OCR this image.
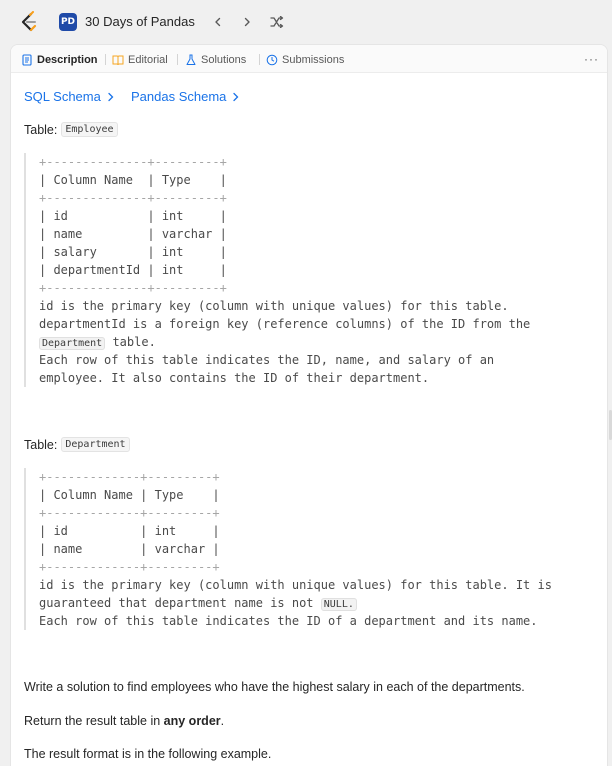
PD 30 Days of Pandas
Description	Editorial	Solutions	Submissions	···
SQL Schema Pandas Schema
Table: Employee
+--------------+---------+
| Column Name  | Type    |
+--------------+---------+
| id           | int     |
| name         | varchar |
| salary       | int     |
| departmentId | int     |
+--------------+---------+
id is the primary key (column with unique values) for this table.
departmentId is a foreign key (reference columns) of the ID from the
Department table.
Each row of this table indicates the ID, name, and salary of an
employee. It also contains the ID of their department.
Table: Department
+-------------+---------+
| Column Name | Type    |
+-------------+---------+
| id          | int     |
| name        | varchar |
+-------------+---------+
id is the primary key (column with unique values) for this table. It is
guaranteed that department name is not NULL.
Each row of this table indicates the ID of a department and its name.
Write a solution to find employees who have the highest salary in each of the departments.
Return the result table in any order.
The result format is in the following example.
